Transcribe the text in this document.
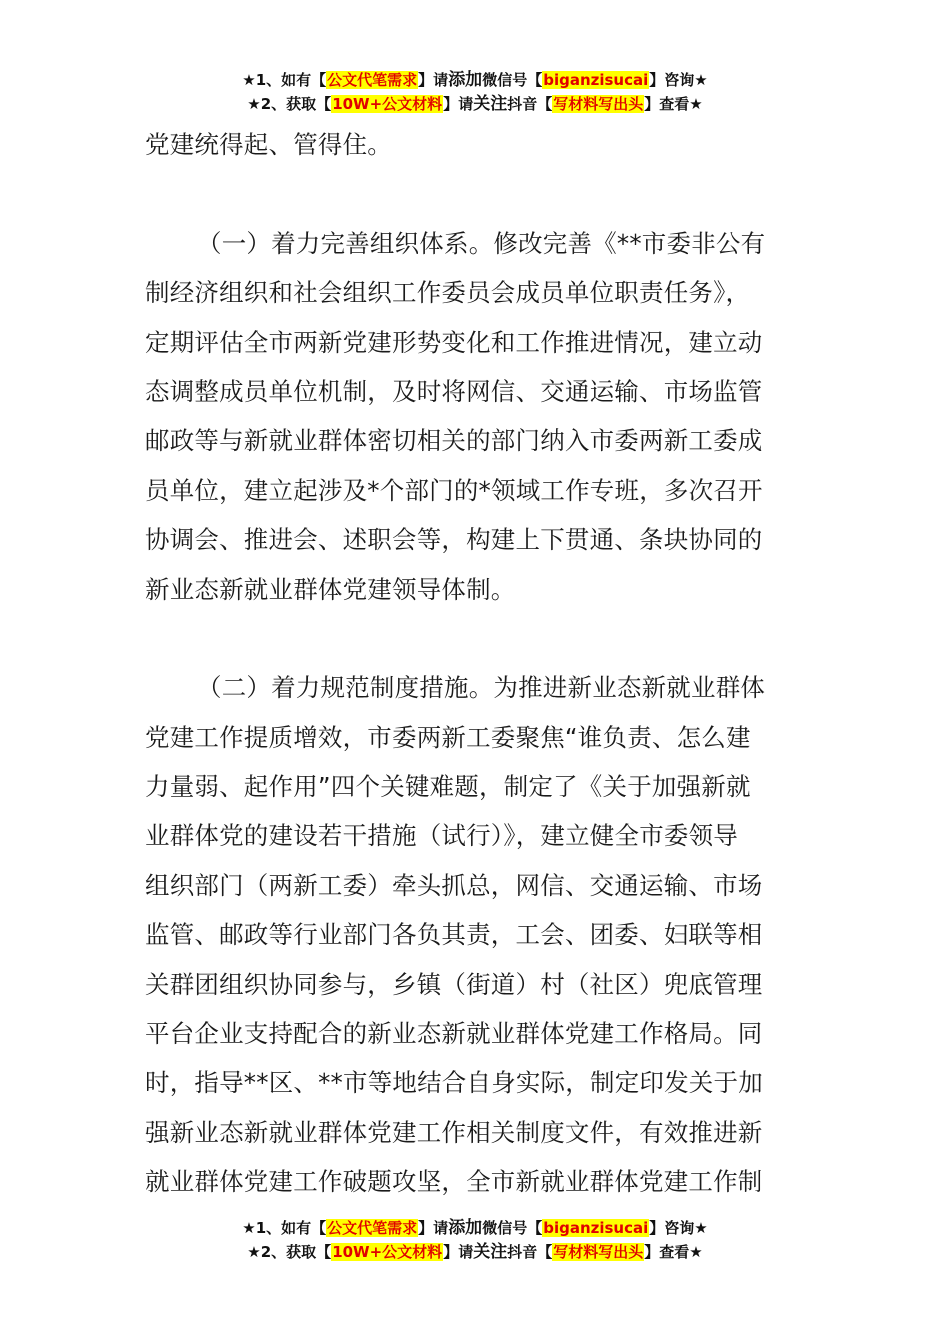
★1、如有【公文代笔需求】请添加微信号【biganzisucai】咨询★
★2、获取【10W+公文材料】请关注抖音【写材料写出头】查看★

党建统得起、管得住。

（一）着力完善组织体系。修改完善《**市委非公有

制经济组织和社会组织工作委员会成员单位职责任务》，

定期评估全市两新党建形势变化和工作推进情况，建立动

态调整成员单位机制，及时将网信、交通运输、市场监管

邮政等与新就业群体密切相关的部门纳入市委两新工委成

员单位，建立起涉及*个部门的*领域工作专班，多次召开

协调会、推进会、述职会等，构建上下贯通、条块协同的

新业态新就业群体党建领导体制。

（二）着力规范制度措施。为推进新业态新就业群体

党建工作提质增效，市委两新工委聚焦“谁负责、怎么建

力量弱、起作用”四个关键难题，制定了《关于加强新就

业群体党的建设若干措施（试行）》，建立健全市委领导

组织部门（两新工委）牵头抓总，网信、交通运输、市场

监管、邮政等行业部门各负其责，工会、团委、妇联等相

关群团组织协同参与，乡镇（街道）村（社区）兜底管理

平台企业支持配合的新业态新就业群体党建工作格局。同

时，指导**区、**市等地结合自身实际，制定印发关于加

强新业态新就业群体党建工作相关制度文件，有效推进新

就业群体党建工作破题攻坚，全市新就业群体党建工作制

★1、如有【公文代笔需求】请添加微信号【biganzisucai】咨询★
★2、获取【10W+公文材料】请关注抖音【写材料写出头】查看★
